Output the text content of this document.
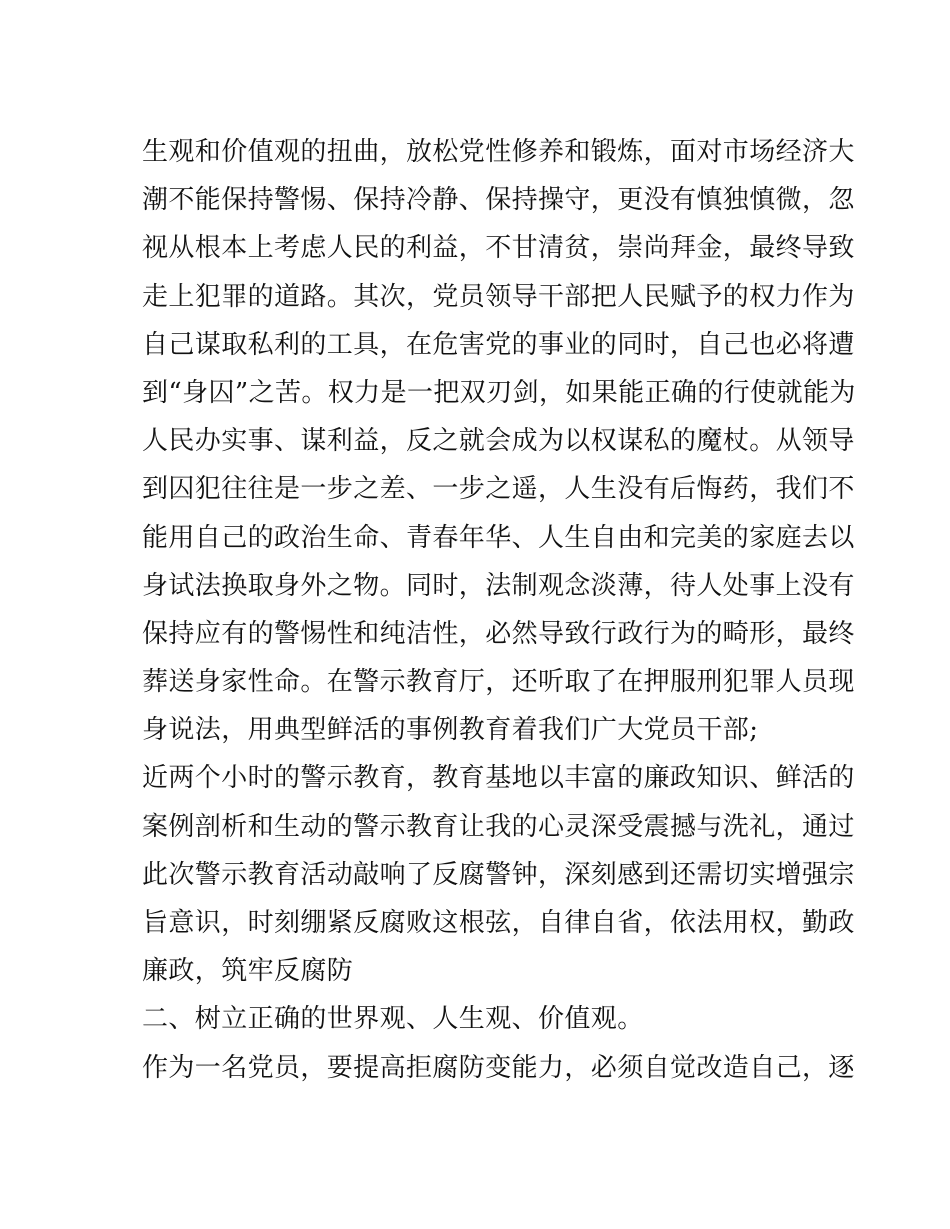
生观和价值观的扭曲，放松党性修养和锻炼，面对市场经济大
潮不能保持警惕、保持冷静、保持操守，更没有慎独慎微，忽
视从根本上考虑人民的利益，不甘清贫，崇尚拜金，最终导致
走上犯罪的道路。其次，党员领导干部把人民赋予的权力作为
自己谋取私利的工具，在危害党的事业的同时，自己也必将遭
到“身囚”之苦。权力是一把双刃剑，如果能正确的行使就能为
人民办实事、谋利益，反之就会成为以权谋私的魔杖。从领导
到囚犯往往是一步之差、一步之遥，人生没有后悔药，我们不
能用自己的政治生命、青春年华、人生自由和完美的家庭去以
身试法换取身外之物。同时，法制观念淡薄，待人处事上没有
保持应有的警惕性和纯洁性，必然导致行政行为的畸形，最终
葬送身家性命。在警示教育厅，还听取了在押服刑犯罪人员现
身说法，用典型鲜活的事例教育着我们广大党员干部;
近两个小时的警示教育，教育基地以丰富的廉政知识、鲜活的
案例剖析和生动的警示教育让我的心灵深受震撼与洗礼，通过
此次警示教育活动敲响了反腐警钟，深刻感到还需切实增强宗
旨意识，时刻绷紧反腐败这根弦，自律自省，依法用权，勤政
廉政，筑牢反腐防
二、树立正确的世界观、人生观、价值观。
作为一名党员，要提高拒腐防变能力，必须自觉改造自己，逐
